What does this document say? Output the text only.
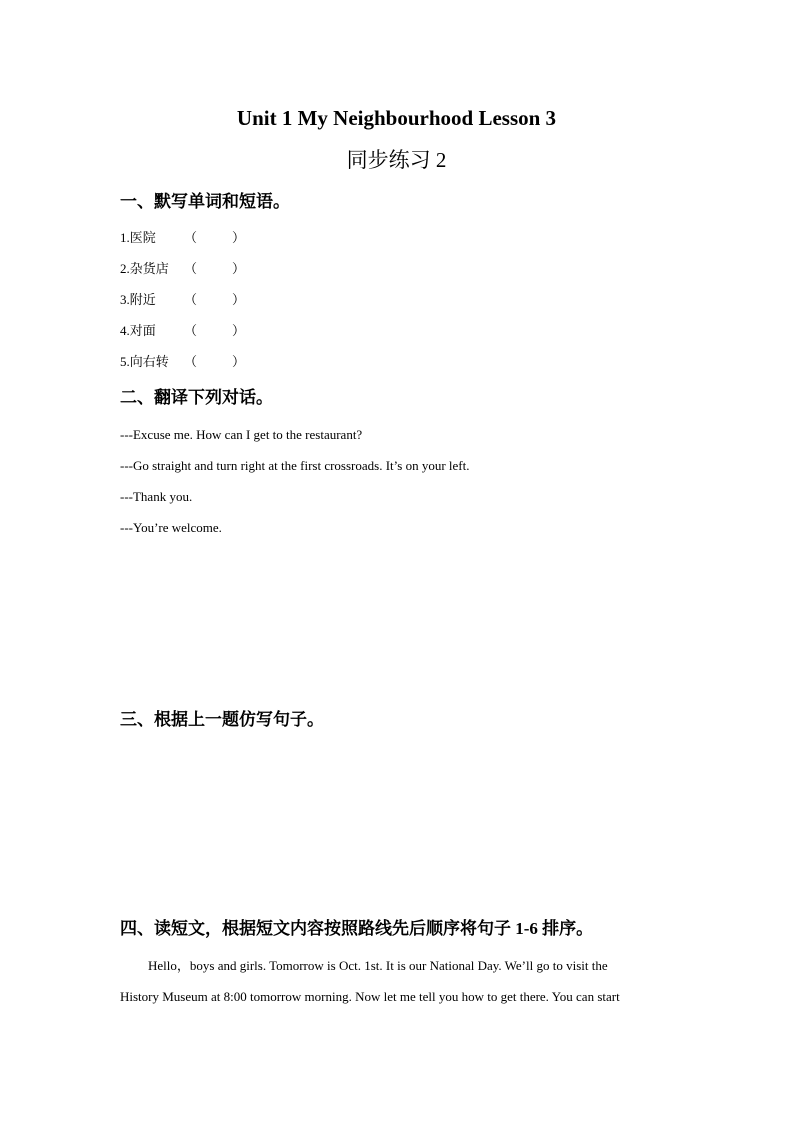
Unit 1 My Neighbourhood Lesson 3
同步练习 2
一、默写单词和短语。
1.医院 （	）
2.杂货店 （	）
3.附近 （	）
4.对面 （	）
5.向右转 （	）
二、翻译下列对话。
---Excuse me. How can I get to the restaurant?
---Go straight and turn right at the first crossroads. It’s on your left.
---Thank you.
---You’re welcome.
三、根据上一题仿写句子。
四、读短文，根据短文内容按照路线先后顺序将句子 1-6 排序。
Hello，boys and girls. Tomorrow is Oct. 1st. It is our National Day. We’ll go to visit the
History Museum at 8:00 tomorrow morning. Now let me tell you how to get there. You can start
